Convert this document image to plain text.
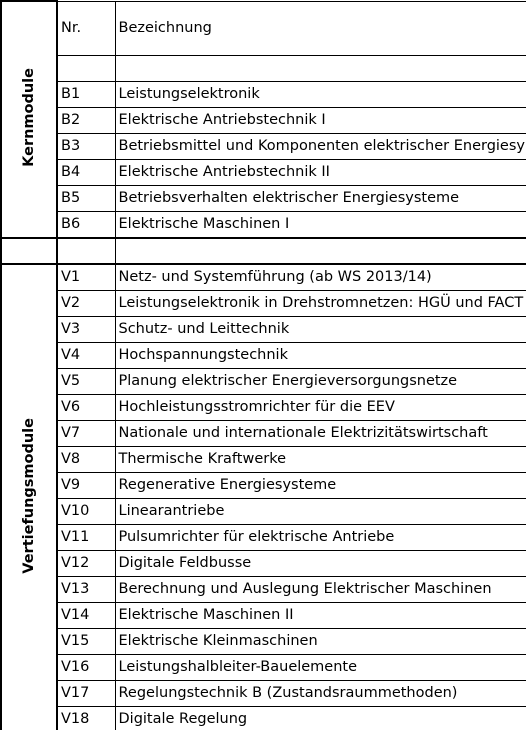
Kernmodule	Nr.	Bezeichnung

	B1	Leistungselektronik
	B2	Elektrische Antriebstechnik I
	B3	Betriebsmittel und Komponenten elektrischer Energiesy
	B4	Elektrische Antriebstechnik II
	B5	Betriebsverhalten elektrischer Energiesysteme
	B6	Elektrische Maschinen I

Vertiefungsmodule	V1	Netz- und Systemführung (ab WS 2013/14)
	V2	Leistungselektronik in Drehstromnetzen: HGÜ und FACT
	V3	Schutz- und Leittechnik
	V4	Hochspannungstechnik
	V5	Planung elektrischer Energieversorgungsnetze
	V6	Hochleistungsstromrichter für die EEV
	V7	Nationale und internationale Elektrizitätswirtschaft
	V8	Thermische Kraftwerke
	V9	Regenerative Energiesysteme
	V10	Linearantriebe
	V11	Pulsumrichter für elektrische Antriebe
	V12	Digitale Feldbusse
	V13	Berechnung und Auslegung Elektrischer Maschinen
	V14	Elektrische Maschinen II
	V15	Elektrische Kleinmaschinen
	V16	Leistungshalbleiter-Bauelemente
	V17	Regelungstechnik B (Zustandsraummethoden)
	V18	Digitale Regelung
